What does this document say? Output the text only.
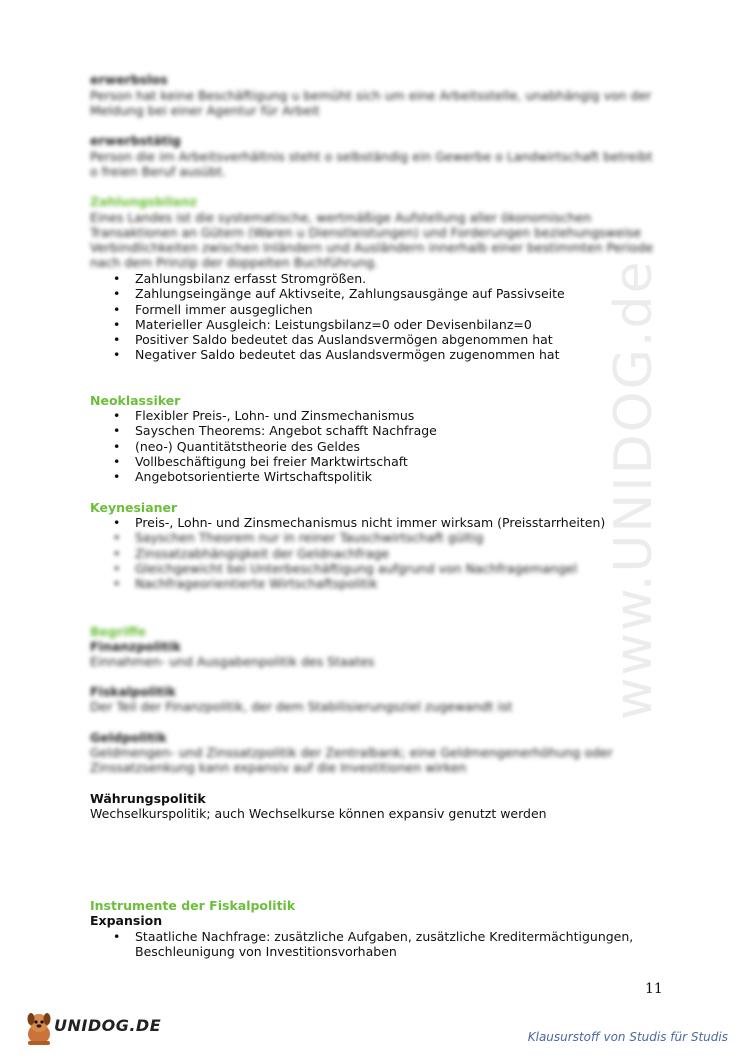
www.UNIDOG.de
erwerbslos
Person hat keine Beschäftigung u bemüht sich um eine Arbeitsstelle, unabhängig von der
Meldung bei einer Agentur für Arbeit
erwerbstätig
Person die im Arbeitsverhältnis steht o selbständig ein Gewerbe o Landwirtschaft betreibt
o freien Beruf ausübt.
Zahlungsbilanz
Eines Landes ist die systematische, wertmäßige Aufstellung aller ökonomischen
Transaktionen an Gütern (Waren u Dienstleistungen) und Forderungen beziehungsweise
Verbindlichkeiten zwischen Inländern und Ausländern innerhalb einer bestimmten Periode
nach dem Prinzip der doppelten Buchführung.
• Zahlungsbilanz erfasst Stromgrößen.
• Zahlungseingänge auf Aktivseite, Zahlungsausgänge auf Passivseite
• Formell immer ausgeglichen
• Materieller Ausgleich: Leistungsbilanz=0 oder Devisenbilanz=0
• Positiver Saldo bedeutet das Auslandsvermögen abgenommen hat
• Negativer Saldo bedeutet das Auslandsvermögen zugenommen hat
Neoklassiker
• Flexibler Preis-, Lohn- und Zinsmechanismus
• Sayschen Theorems: Angebot schafft Nachfrage
• (neo-) Quantitätstheorie des Geldes
• Vollbeschäftigung bei freier Marktwirtschaft
• Angebotsorientierte Wirtschaftspolitik
Keynesianer
• Preis-, Lohn- und Zinsmechanismus nicht immer wirksam (Preisstarrheiten)
• Sayschen Theorem nur in reiner Tauschwirtschaft gültig
• Zinssatzabhängigkeit der Geldnachfrage
• Gleichgewicht bei Unterbeschäftigung aufgrund von Nachfragemangel
• Nachfrageorientierte Wirtschaftspolitik
Begriffe
Finanzpolitik
Einnahmen- und Ausgabenpolitik des Staates
Fiskalpolitik
Der Teil der Finanzpolitik, der dem Stabilisierungsziel zugewandt ist
Geldpolitik
Geldmengen- und Zinssatzpolitik der Zentralbank; eine Geldmengenerhöhung oder
Zinssatzsenkung kann expansiv auf die Investitionen wirken
Währungspolitik
Wechselkurspolitik; auch Wechselkurse können expansiv genutzt werden
Instrumente der Fiskalpolitik
Expansion
• Staatliche Nachfrage: zusätzliche Aufgaben, zusätzliche Kreditermächtigungen,
Beschleunigung von Investitionsvorhaben
11
UNIDOG.DE
Klausurstoff von Studis für Studis
